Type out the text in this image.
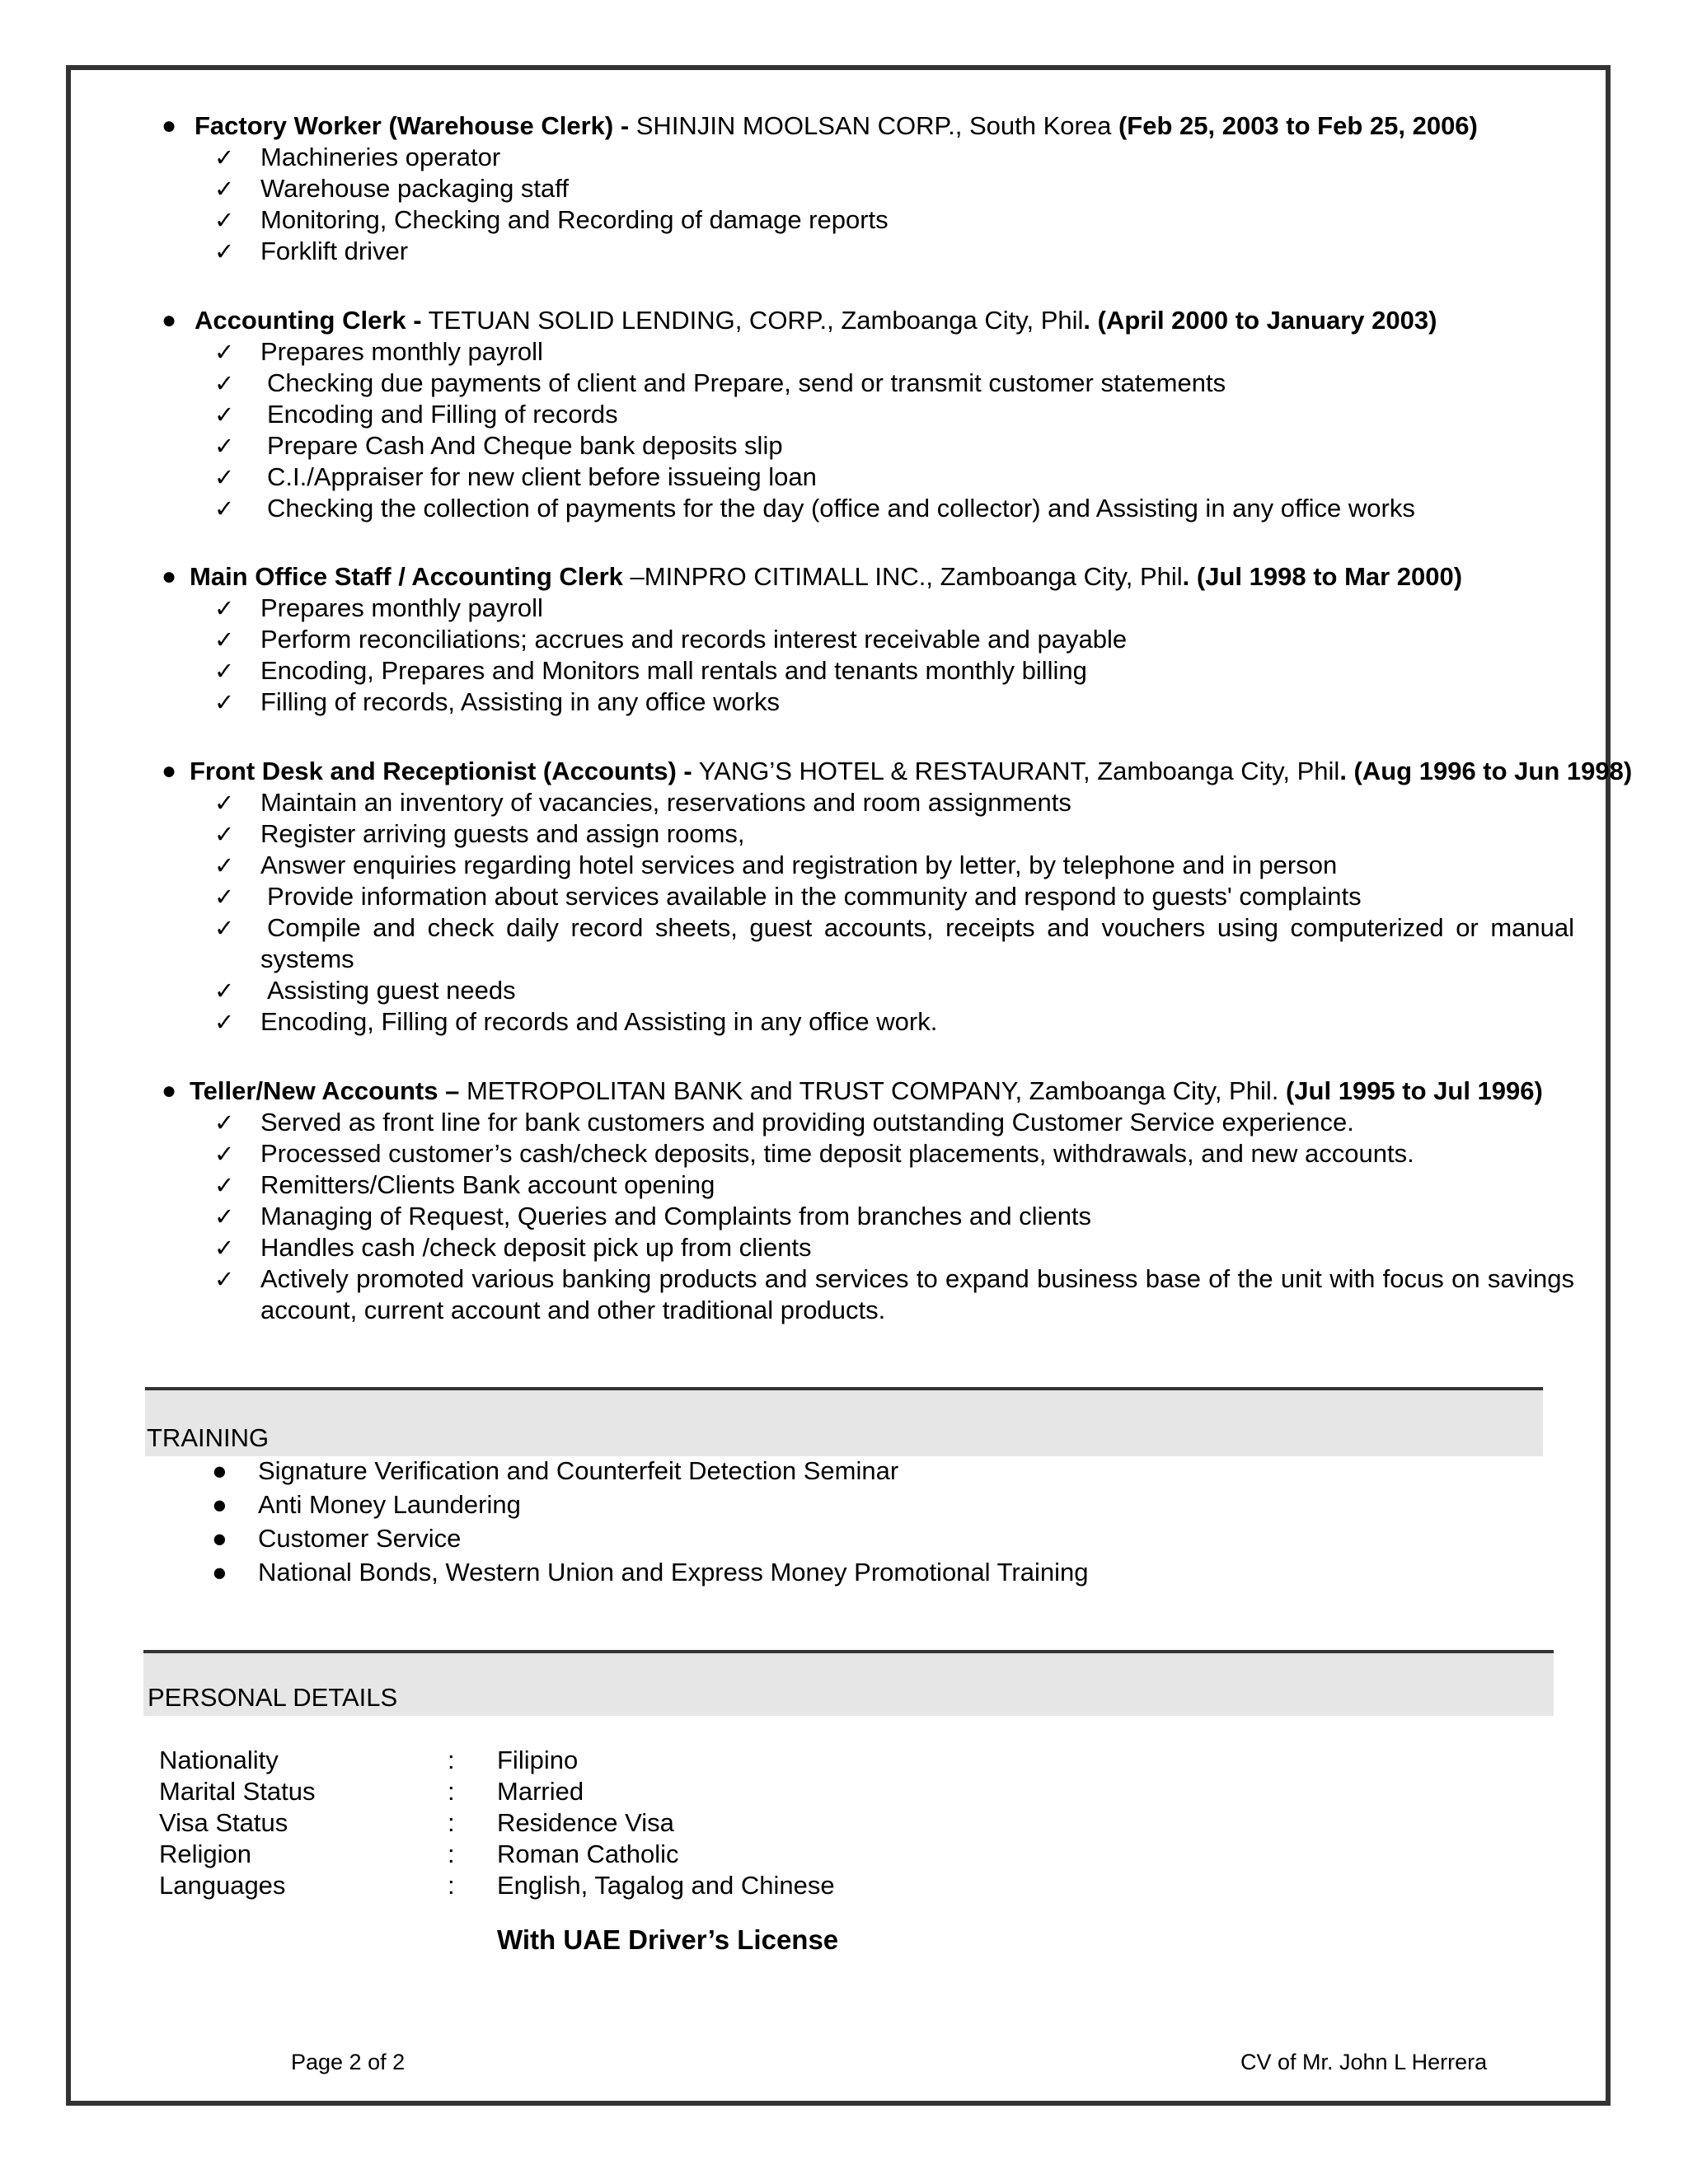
● Factory Worker (Warehouse Clerk) - SHINJIN MOOLSAN CORP., South Korea (Feb 25, 2003 to Feb 25, 2006)
✓ Machineries operator
✓ Warehouse packaging staff
✓ Monitoring, Checking and Recording of damage reports
✓ Forklift driver
● Accounting Clerk - TETUAN SOLID LENDING, CORP., Zamboanga City, Phil. (April 2000 to January 2003)
✓ Prepares monthly payroll
✓ Checking due payments of client and Prepare, send or transmit customer statements
✓ Encoding and Filling of records
✓ Prepare Cash And Cheque bank deposits slip
✓ C.I./Appraiser for new client before issueing loan
✓ Checking the collection of payments for the day (office and collector) and Assisting in any office works
● Main Office Staff / Accounting Clerk –MINPRO CITIMALL INC., Zamboanga City, Phil. (Jul 1998 to Mar 2000)
✓ Prepares monthly payroll
✓ Perform reconciliations; accrues and records interest receivable and payable
✓ Encoding, Prepares and Monitors mall rentals and tenants monthly billing
✓ Filling of records, Assisting in any office works
● Front Desk and Receptionist (Accounts) - YANG’S HOTEL & RESTAURANT, Zamboanga City, Phil. (Aug 1996 to Jun 1998)
✓ Maintain an inventory of vacancies, reservations and room assignments
✓ Register arriving guests and assign rooms,
✓ Answer enquiries regarding hotel services and registration by letter, by telephone and in person
✓ Provide information about services available in the community and respond to guests' complaints
✓ Compile and check daily record sheets, guest accounts, receipts and vouchers using computerized or manual systems
✓ Assisting guest needs
✓ Encoding, Filling of records and Assisting in any office work.
● Teller/New Accounts – METROPOLITAN BANK and TRUST COMPANY, Zamboanga City, Phil. (Jul 1995 to Jul 1996)
✓ Served as front line for bank customers and providing outstanding Customer Service experience.
✓ Processed customer’s cash/check deposits, time deposit placements, withdrawals, and new accounts.
✓ Remitters/Clients Bank account opening
✓ Managing of Request, Queries and Complaints from branches and clients
✓ Handles cash /check deposit pick up from clients
✓ Actively promoted various banking products and services to expand business base of the unit with focus on savings account, current account and other traditional products.
TRAINING
● Signature Verification and Counterfeit Detection Seminar
● Anti Money Laundering
● Customer Service
● National Bonds, Western Union and Express Money Promotional Training
PERSONAL DETAILS
Nationality	: Filipino
Marital Status	: Married
Visa Status	: Residence Visa
Religion	: Roman Catholic
Languages	: English, Tagalog and Chinese
With UAE Driver’s License
Page 2 of 2	CV of Mr. John L Herrera
